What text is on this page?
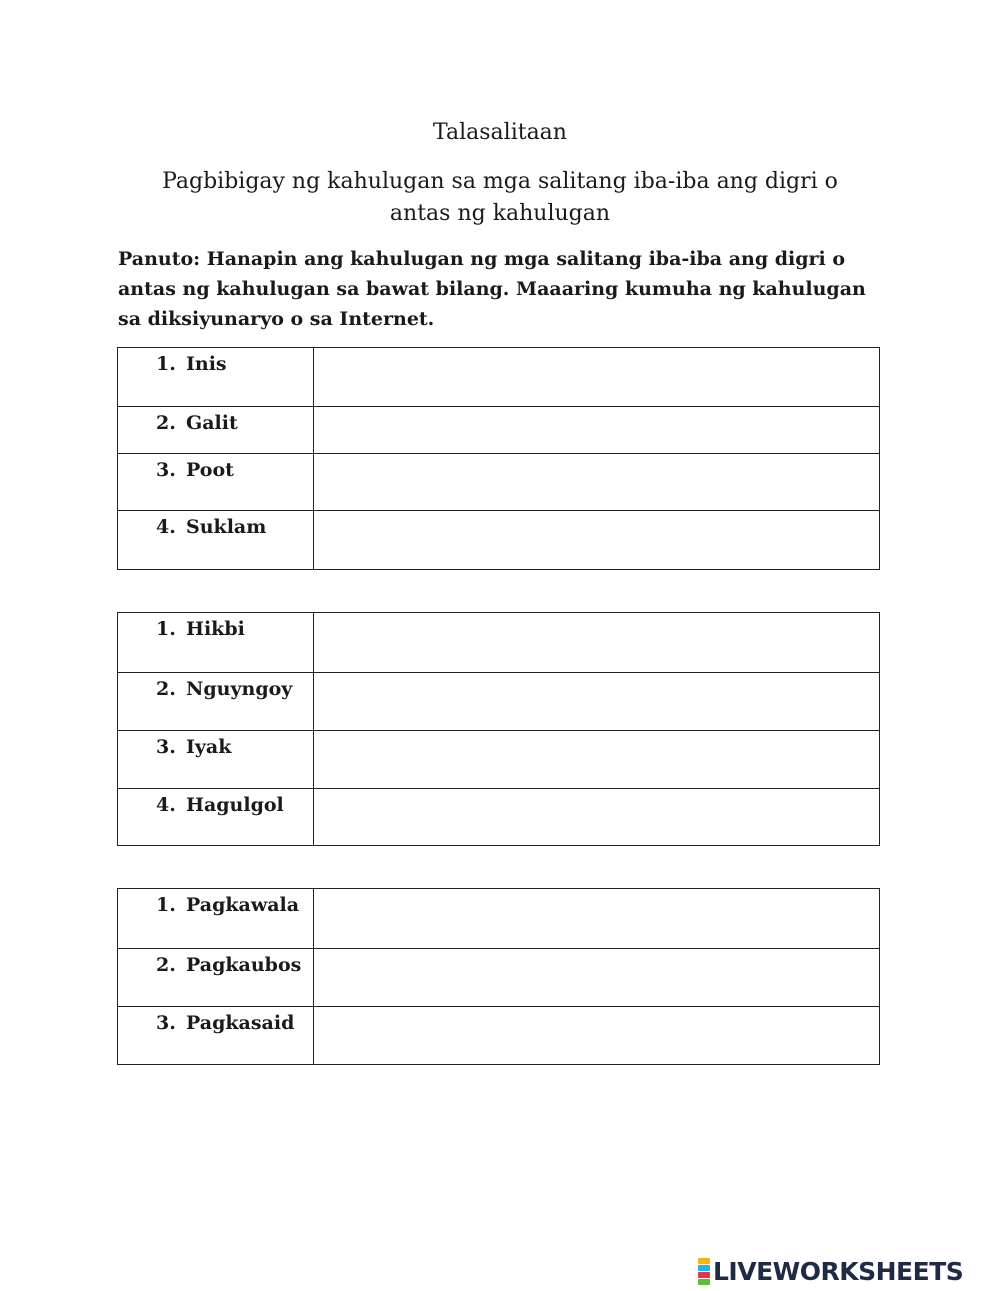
Talasalitaan
Pagbibigay ng kahulugan sa mga salitang iba-iba ang digri o antas ng kahulugan
Panuto: Hanapin ang kahulugan ng mga salitang iba-iba ang digri o antas ng kahulugan sa bawat bilang. Maaaring kumuha ng kahulugan sa diksiyunaryo o sa Internet.
1. Inis

2. Galit

3. Poot

4. Suklam

1. Hikbi

2. Nguyngoy

3. Iyak

4. Hagulgol

1. Pagkawala

2. Pagkaubos

3. Pagkasaid

LIVEWORKSHEETS
